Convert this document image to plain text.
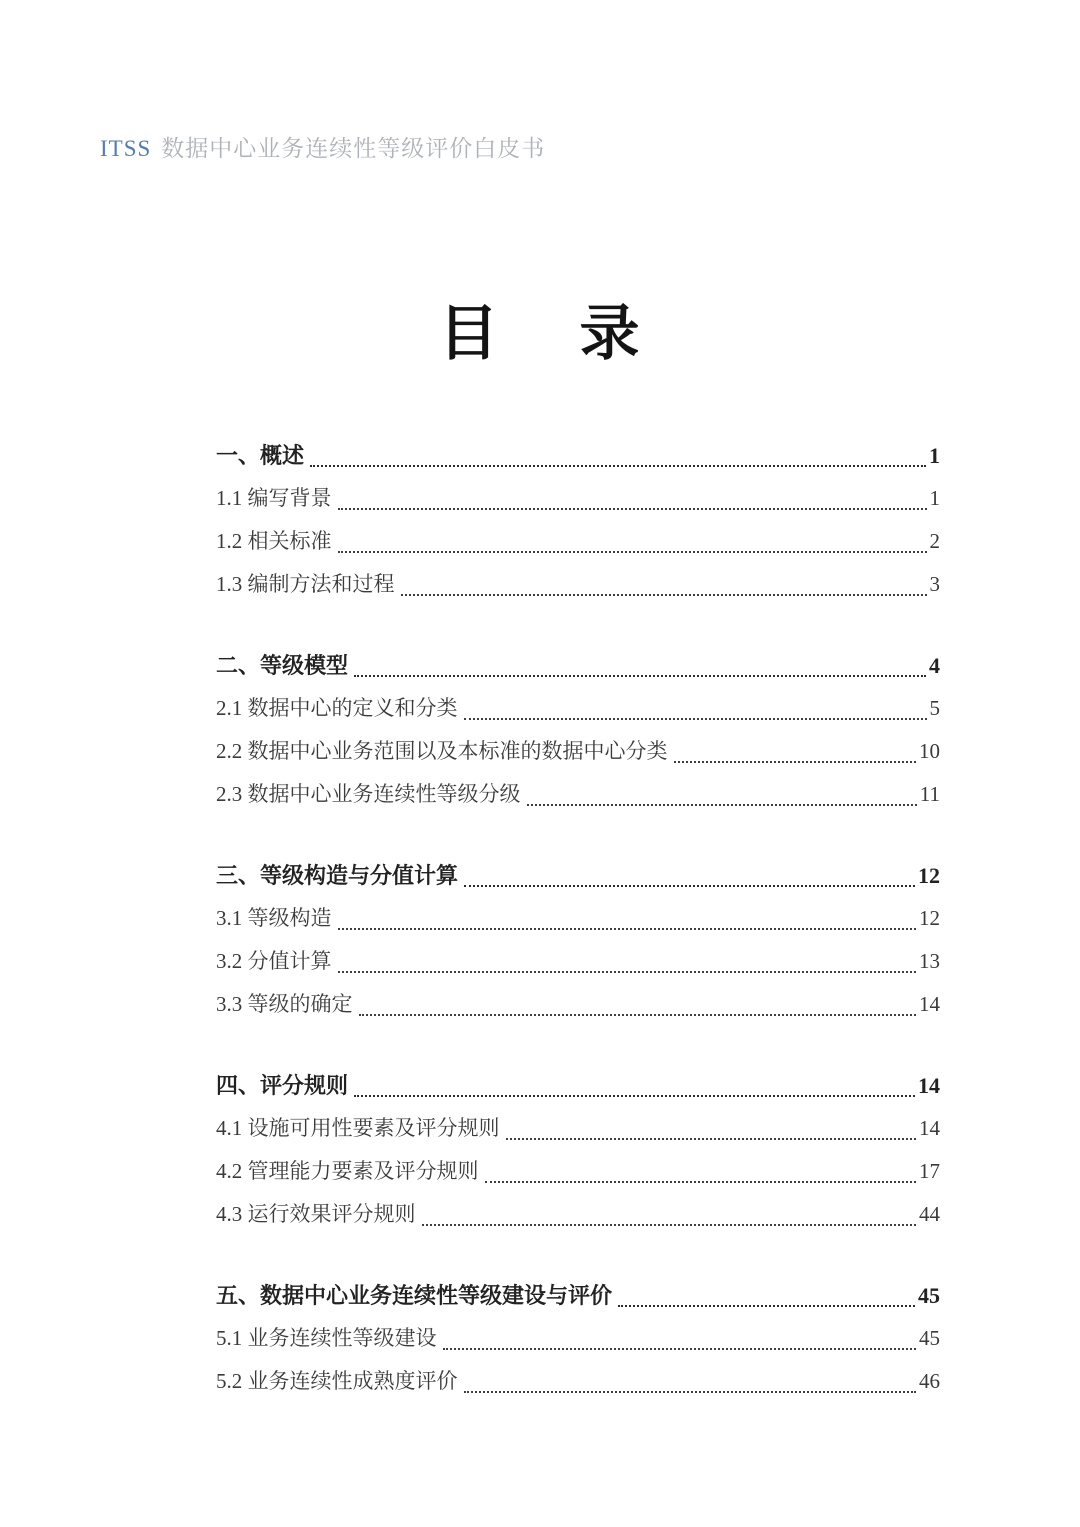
ITSS 数据中心业务连续性等级评价白皮书
目　 录
一、概述	1
1.1 编写背景	1
1.2 相关标准	2
1.3 编制方法和过程	3
二、等级模型	4
2.1 数据中心的定义和分类	5
2.2 数据中心业务范围以及本标准的数据中心分类	10
2.3 数据中心业务连续性等级分级	11
三、等级构造与分值计算	12
3.1 等级构造	12
3.2 分值计算	13
3.3 等级的确定	14
四、评分规则	14
4.1 设施可用性要素及评分规则	14
4.2 管理能力要素及评分规则	17
4.3 运行效果评分规则	44
五、数据中心业务连续性等级建设与评价	45
5.1 业务连续性等级建设	45
5.2 业务连续性成熟度评价	46
